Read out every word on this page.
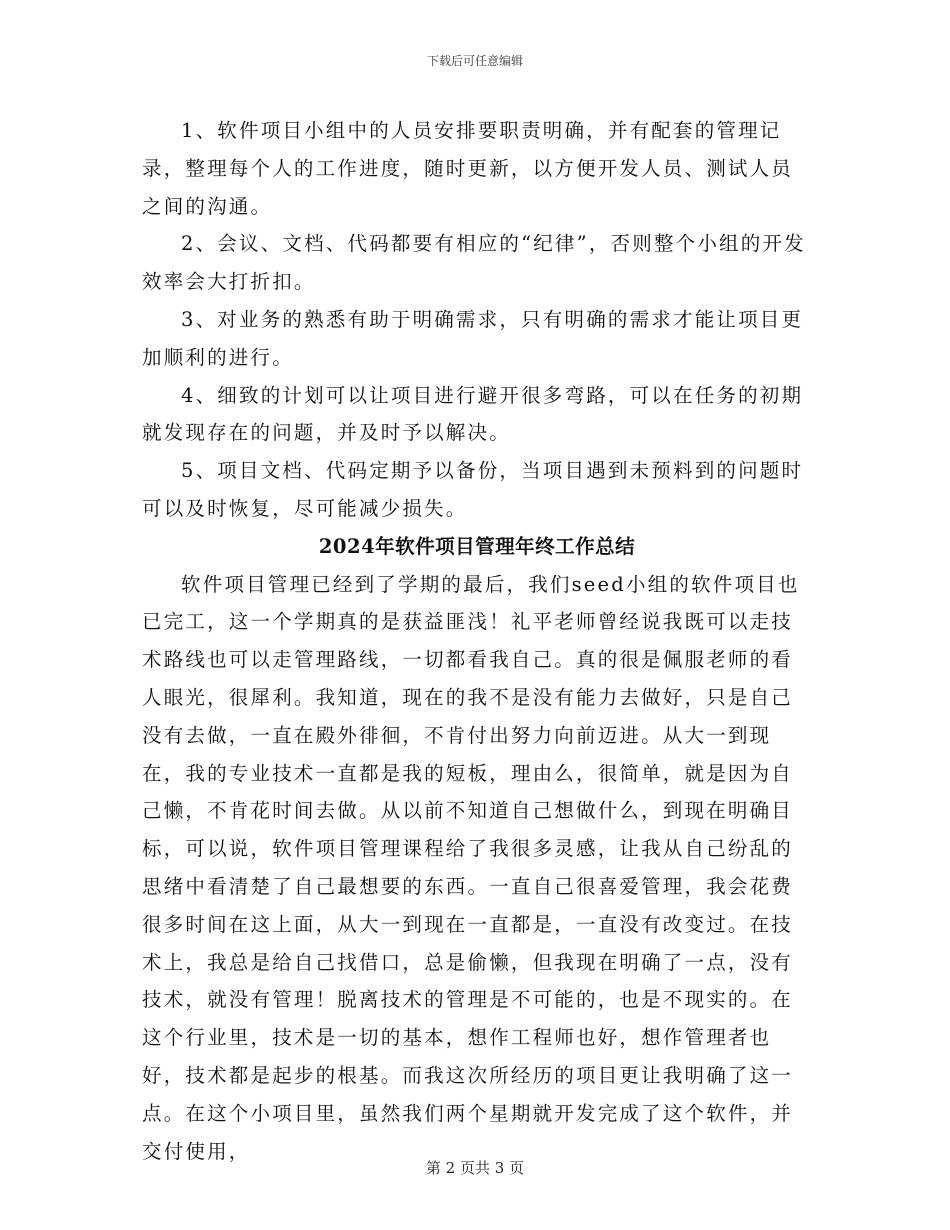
下载后可任意编辑

1、软件项目小组中的人员安排要职责明确，并有配套的管理记录，整理每个人的工作进度，随时更新，以方便开发人员、测试人员之间的沟通。

2、会议、文档、代码都要有相应的“纪律”，否则整个小组的开发效率会大打折扣。

3、对业务的熟悉有助于明确需求，只有明确的需求才能让项目更加顺利的进行。

4、细致的计划可以让项目进行避开很多弯路，可以在任务的初期就发现存在的问题，并及时予以解决。

5、项目文档、代码定期予以备份，当项目遇到未预料到的问题时可以及时恢复，尽可能减少损失。

2024年软件项目管理年终工作总结

软件项目管理已经到了学期的最后，我们seed小组的软件项目也已完工，这一个学期真的是获益匪浅！礼平老师曾经说我既可以走技术路线也可以走管理路线，一切都看我自己。真的很是佩服老师的看人眼光，很犀利。我知道，现在的我不是没有能力去做好，只是自己没有去做，一直在殿外徘徊，不肯付出努力向前迈进。从大一到现在，我的专业技术一直都是我的短板，理由么，很简单，就是因为自己懒，不肯花时间去做。从以前不知道自己想做什么，到现在明确目标，可以说，软件项目管理课程给了我很多灵感，让我从自己纷乱的思绪中看清楚了自己最想要的东西。一直自己很喜爱管理，我会花费很多时间在这上面，从大一到现在一直都是，一直没有改变过。在技术上，我总是给自己找借口，总是偷懒，但我现在明确了一点，没有技术，就没有管理！脱离技术的管理是不可能的，也是不现实的。在这个行业里，技术是一切的基本，想作工程师也好，想作管理者也好，技术都是起步的根基。而我这次所经历的项目更让我明确了这一点。在这个小项目里，虽然我们两个星期就开发完成了这个软件，并交付使用，

第 2 页共 3 页
